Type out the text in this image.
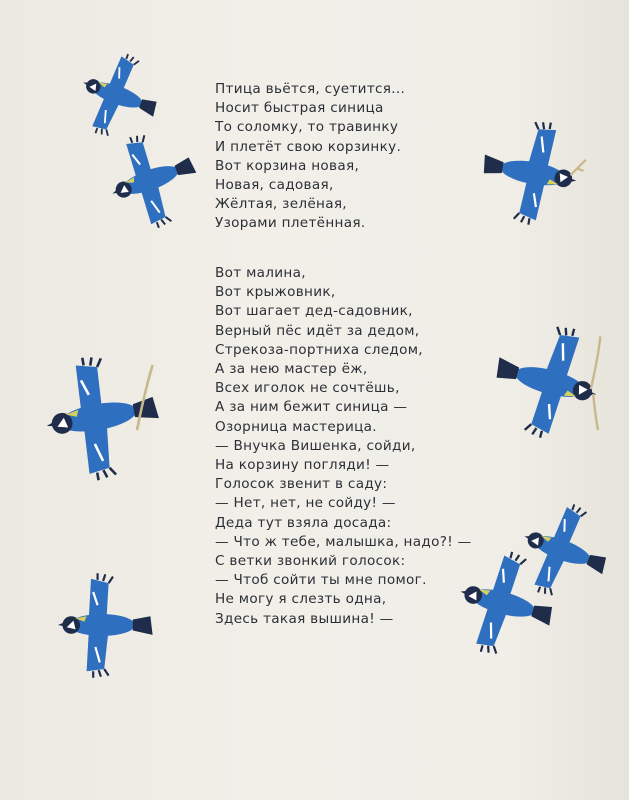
Птица вьётся, суетится...
Носит быстрая синица
То соломку, то травинку
И плетёт свою корзинку.
Вот корзина новая,
Новая, садовая,
Жёлтая, зелёная,
Узорами плетённая.
Вот малина,
Вот крыжовник,
Вот шагает дед-садовник,
Верный пёс идёт за дедом,
Стрекоза-портниха следом,
А за нею мастер ёж,
Всех иголок не сочтёшь,
А за ним бежит синица —
Озорница мастерица.
— Внучка Вишенка, сойди,
На корзину погляди! —
Голосок звенит в саду:
— Нет, нет, не сойду! —
Деда тут взяла досада:
— Что ж тебе, малышка, надо?! —
С ветки звонкий голосок:
— Чтоб сойти ты мне помог.
Не могу я слезть одна,
Здесь такая вышина! —
